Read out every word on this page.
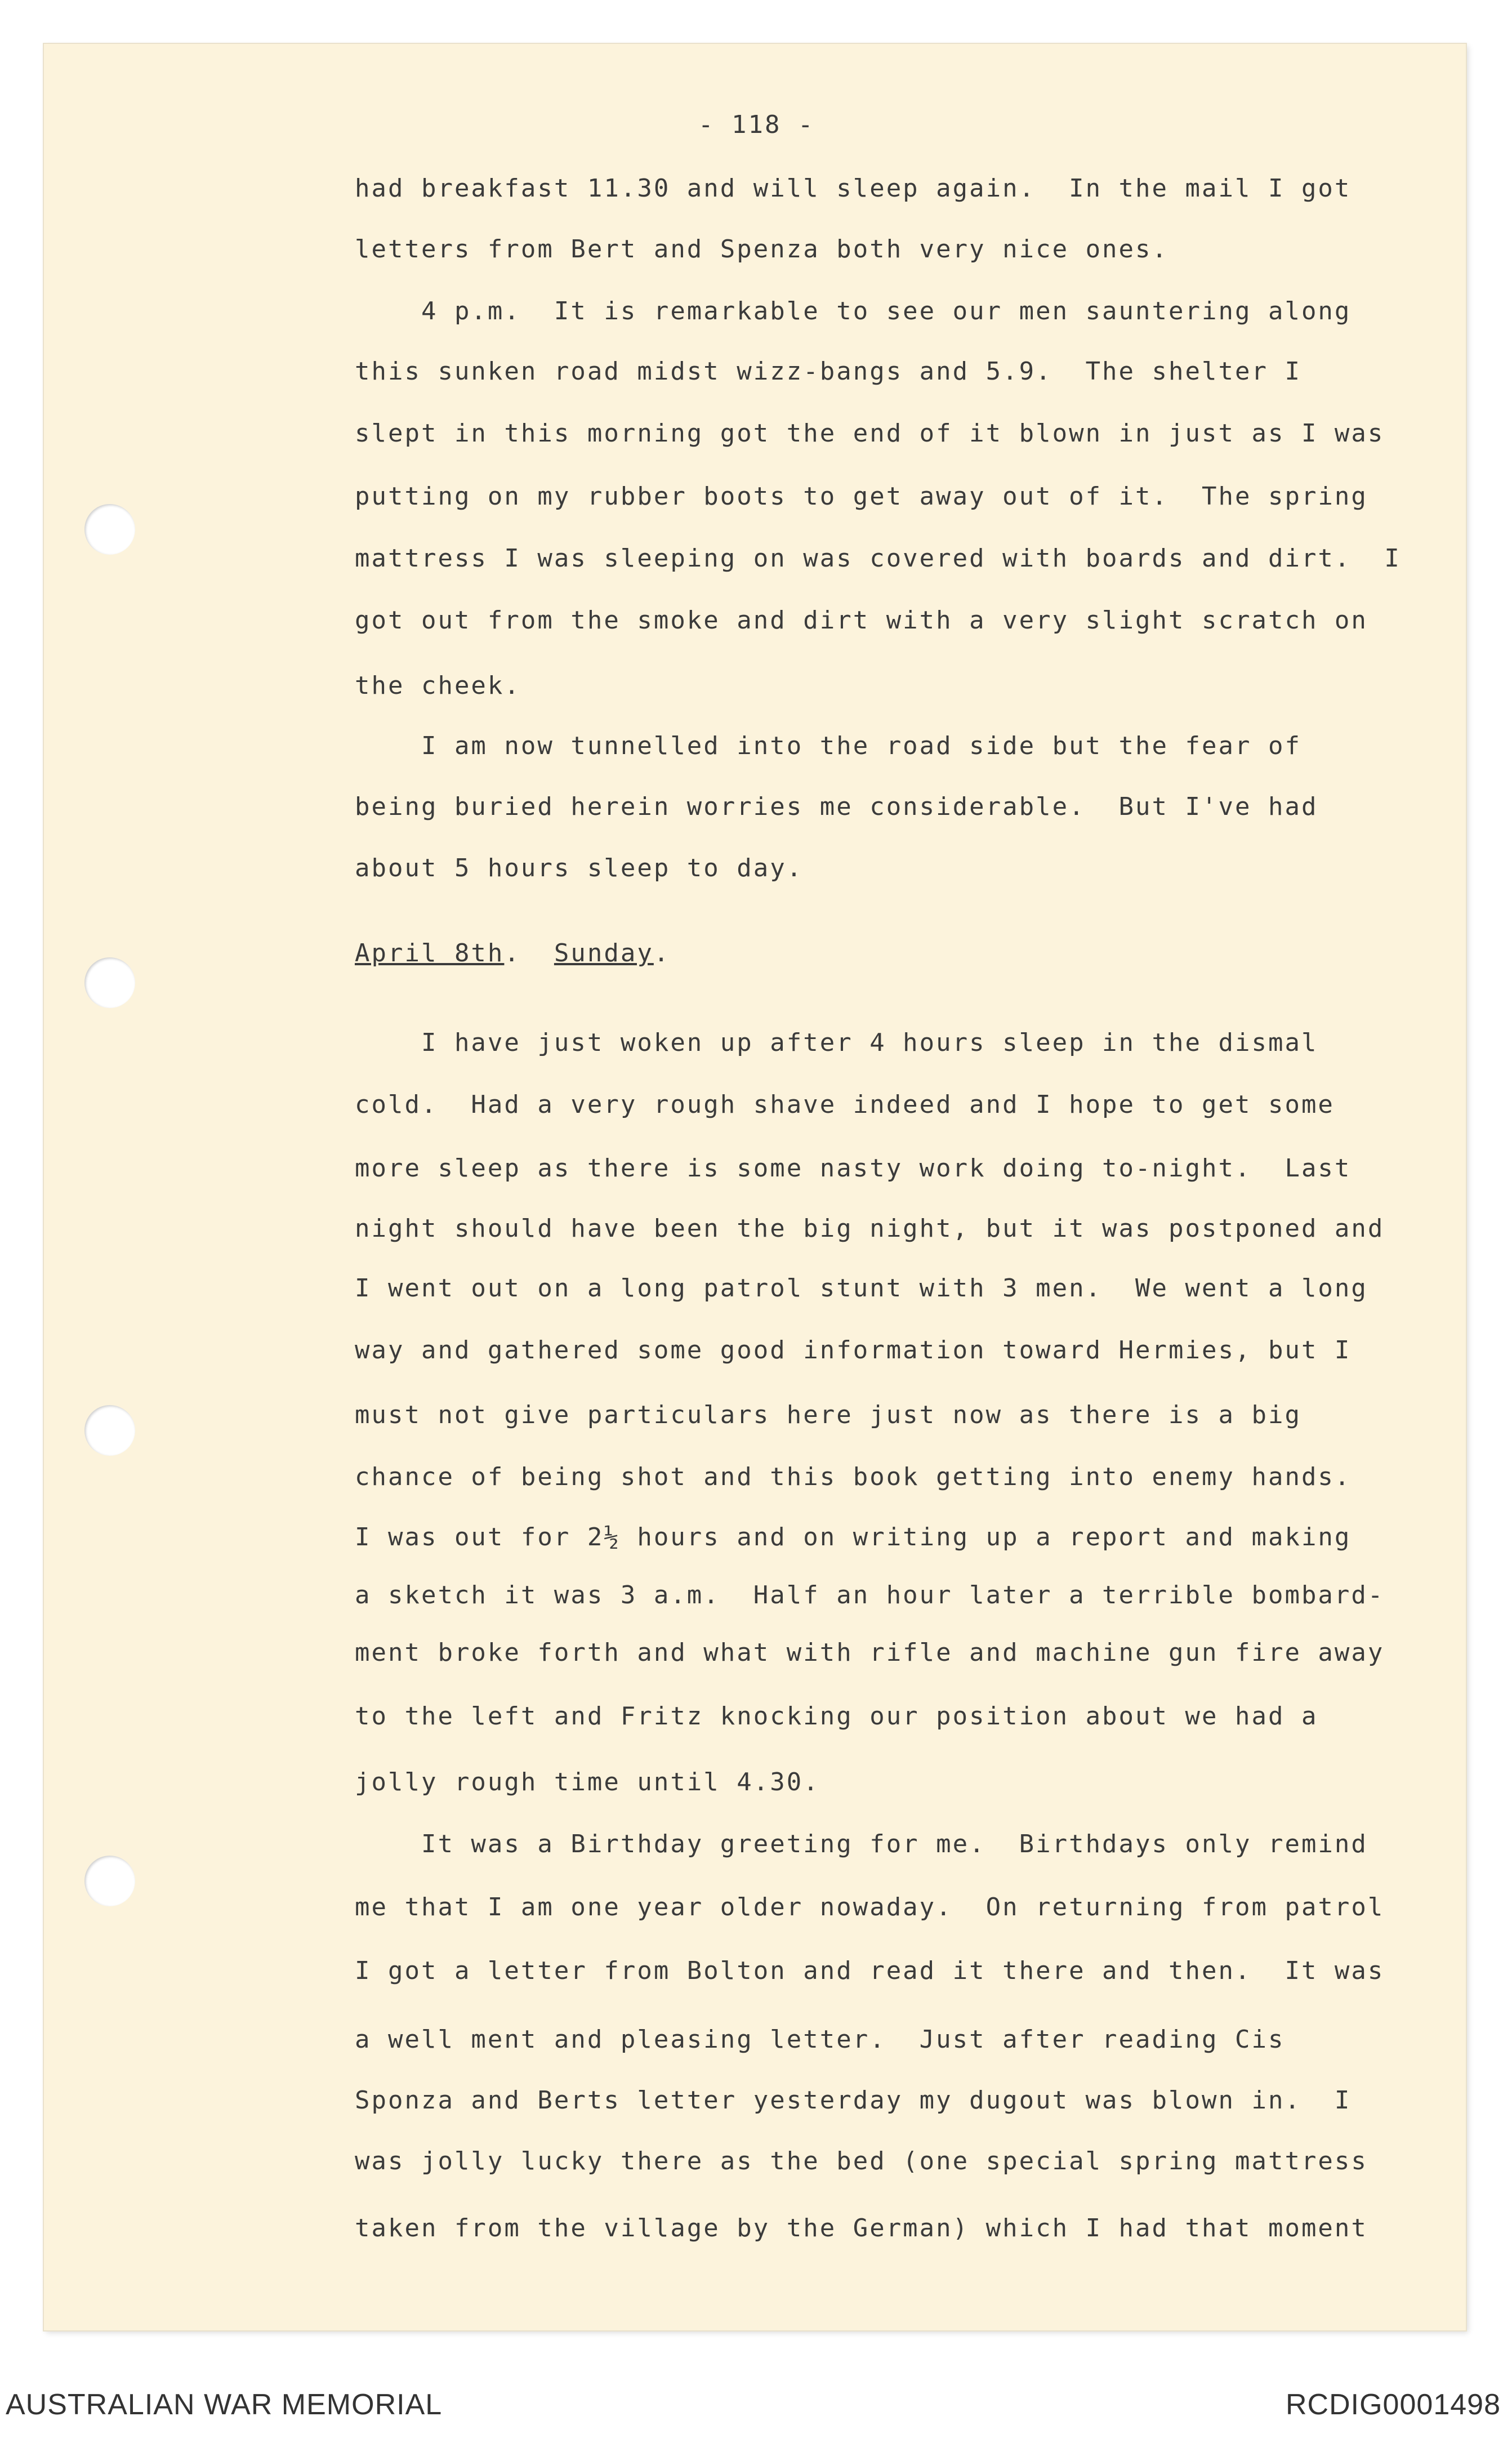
- 118 -
had breakfast 11.30 and will sleep again.  In the mail I got
letters from Bert and Spenza both very nice ones.
4 p.m.  It is remarkable to see our men sauntering along
this sunken road midst wizz-bangs and 5.9.  The shelter I
slept in this morning got the end of it blown in just as I was
putting on my rubber boots to get away out of it.  The spring
mattress I was sleeping on was covered with boards and dirt.  I
got out from the smoke and dirt with a very slight scratch on
the cheek.
I am now tunnelled into the road side but the fear of
being buried herein worries me considerable.  But I've had
about 5 hours sleep to day.
April 8th.  Sunday.
I have just woken up after 4 hours sleep in the dismal
cold.  Had a very rough shave indeed and I hope to get some
more sleep as there is some nasty work doing to-night.  Last
night should have been the big night, but it was postponed and
I went out on a long patrol stunt with 3 men.  We went a long
way and gathered some good information toward Hermies, but I
must not give particulars here just now as there is a big
chance of being shot and this book getting into enemy hands.
I was out for 2½ hours and on writing up a report and making
a sketch it was 3 a.m.  Half an hour later a terrible bombard-
ment broke forth and what with rifle and machine gun fire away
to the left and Fritz knocking our position about we had a
jolly rough time until 4.30.
It was a Birthday greeting for me.  Birthdays only remind
me that I am one year older nowaday.  On returning from patrol
I got a letter from Bolton and read it there and then.  It was
a well ment and pleasing letter.  Just after reading Cis
Sponza and Berts letter yesterday my dugout was blown in.  I
was jolly lucky there as the bed (one special spring mattress
taken from the village by the German) which I had that moment
AUSTRALIAN WAR MEMORIAL	RCDIG0001498
